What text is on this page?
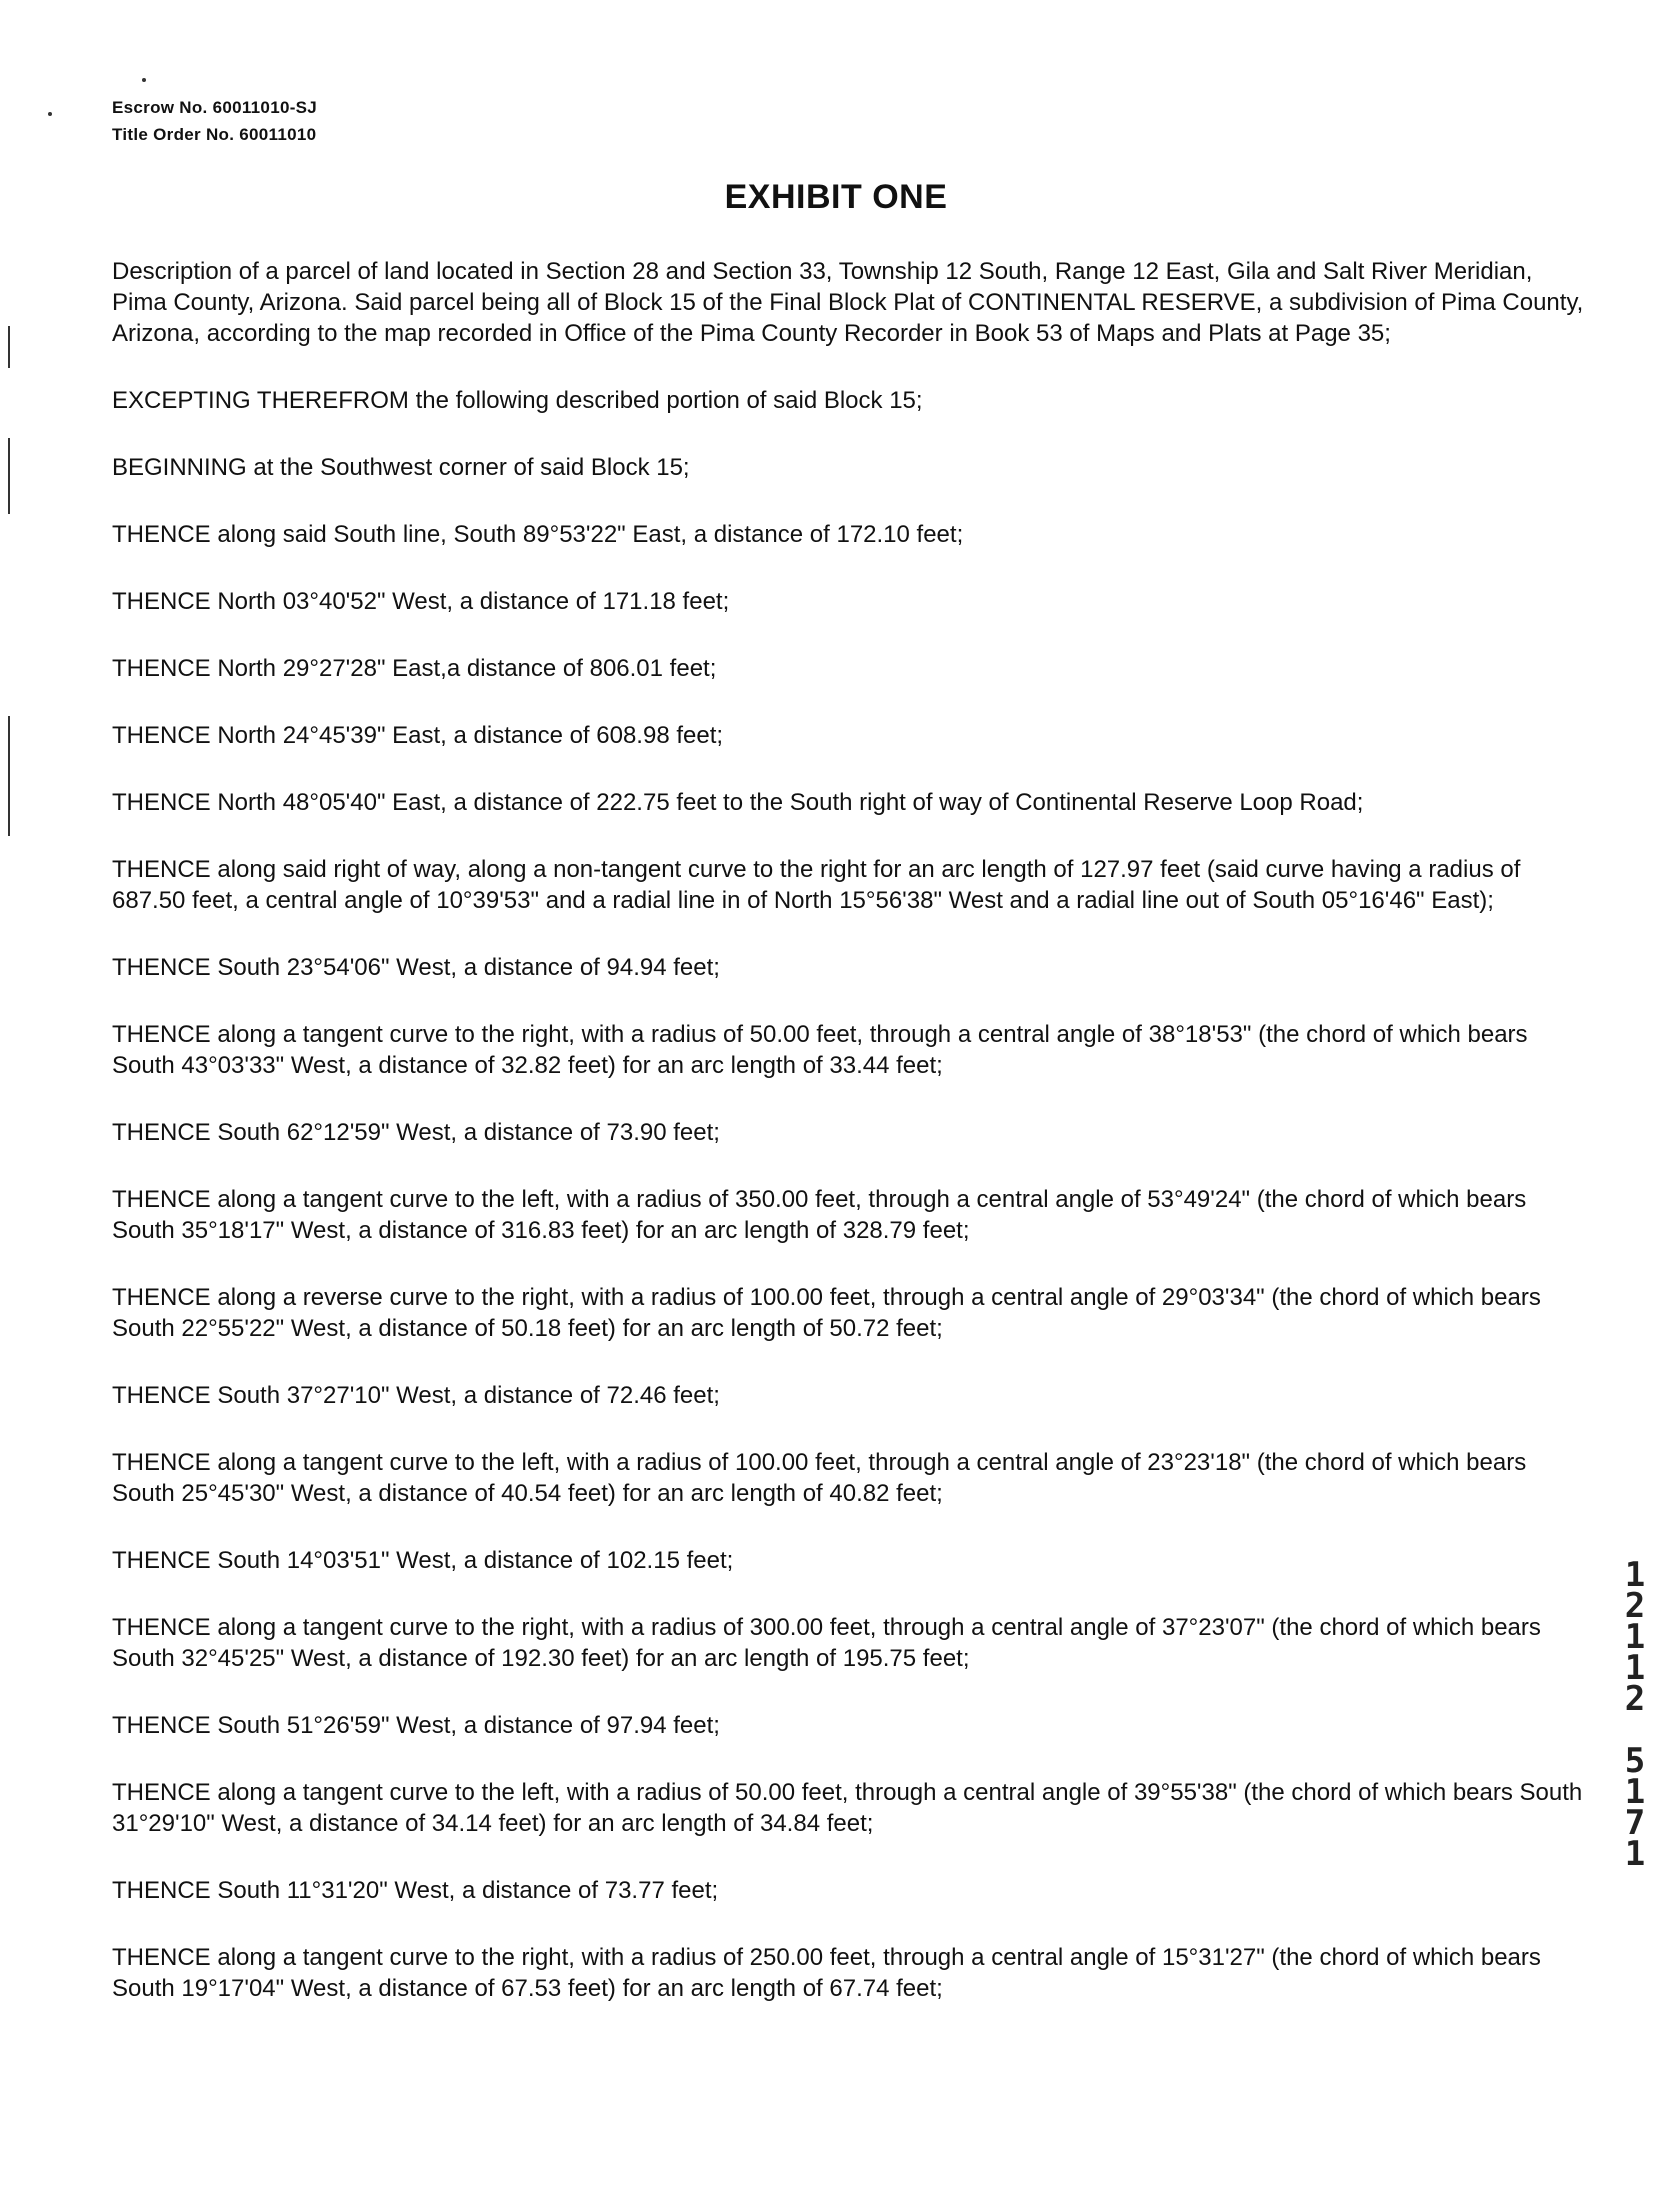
Escrow No. 60011010-SJ
Title Order No. 60011010
EXHIBIT ONE

Description of a parcel of land located in Section 28 and Section 33, Township 12 South, Range 12 East, Gila and Salt River Meridian, Pima County, Arizona. Said parcel being all of Block 15 of the Final Block Plat of CONTINENTAL RESERVE, a subdivision of Pima County, Arizona, according to the map recorded in Office of the Pima County Recorder in Book 53 of Maps and Plats at Page 35;

EXCEPTING THEREFROM the following described portion of said Block 15;

BEGINNING at the Southwest corner of said Block 15;

THENCE along said South line, South 89°53'22" East, a distance of 172.10 feet;

THENCE North 03°40'52" West, a distance of 171.18 feet;

THENCE North 29°27'28" East,a distance of 806.01 feet;

THENCE North 24°45'39" East, a distance of 608.98 feet;

THENCE North 48°05'40" East, a distance of 222.75 feet to the South right of way of Continental Reserve Loop Road;

THENCE along said right of way, along a non-tangent curve to the right for an arc length of 127.97 feet (said curve having a radius of 687.50 feet, a central angle of 10°39'53" and a radial line in of North 15°56'38" West and a radial line out of South 05°16'46" East);

THENCE South 23°54'06" West, a distance of 94.94 feet;

THENCE along a tangent curve to the right, with a radius of 50.00 feet, through a central angle of 38°18'53" (the chord of which bears South 43°03'33" West, a distance of 32.82 feet) for an arc length of 33.44 feet;

THENCE South 62°12'59" West, a distance of 73.90 feet;

THENCE along a tangent curve to the left, with a radius of 350.00 feet, through a central angle of 53°49'24" (the chord of which bears South 35°18'17" West, a distance of 316.83 feet) for an arc length of 328.79 feet;

THENCE along a reverse curve to the right, with a radius of 100.00 feet, through a central angle of 29°03'34" (the chord of which bears South 22°55'22" West, a distance of 50.18 feet) for an arc length of 50.72 feet;

THENCE South 37°27'10" West, a distance of 72.46 feet;

THENCE along a tangent curve to the left, with a radius of 100.00 feet, through a central angle of 23°23'18" (the chord of which bears South 25°45'30" West, a distance of 40.54 feet) for an arc length of 40.82 feet;

THENCE South 14°03'51" West, a distance of 102.15 feet;

THENCE along a tangent curve to the right, with a radius of 300.00 feet, through a central angle of 37°23'07" (the chord of which bears South 32°45'25" West, a distance of 192.30 feet) for an arc length of 195.75 feet;

THENCE South 51°26'59" West, a distance of 97.94 feet;

THENCE along a tangent curve to the left, with a radius of 50.00 feet, through a central angle of 39°55'38" (the chord of which bears South 31°29'10" West, a distance of 34.14 feet) for an arc length of 34.84 feet;

THENCE South 11°31'20" West, a distance of 73.77 feet;

THENCE along a tangent curve to the right, with a radius of 250.00 feet, through a central angle of 15°31'27" (the chord of which bears South 19°17'04" West, a distance of 67.53 feet) for an arc length of 67.74 feet;

1
2
1
1
2

5
1
7
1
